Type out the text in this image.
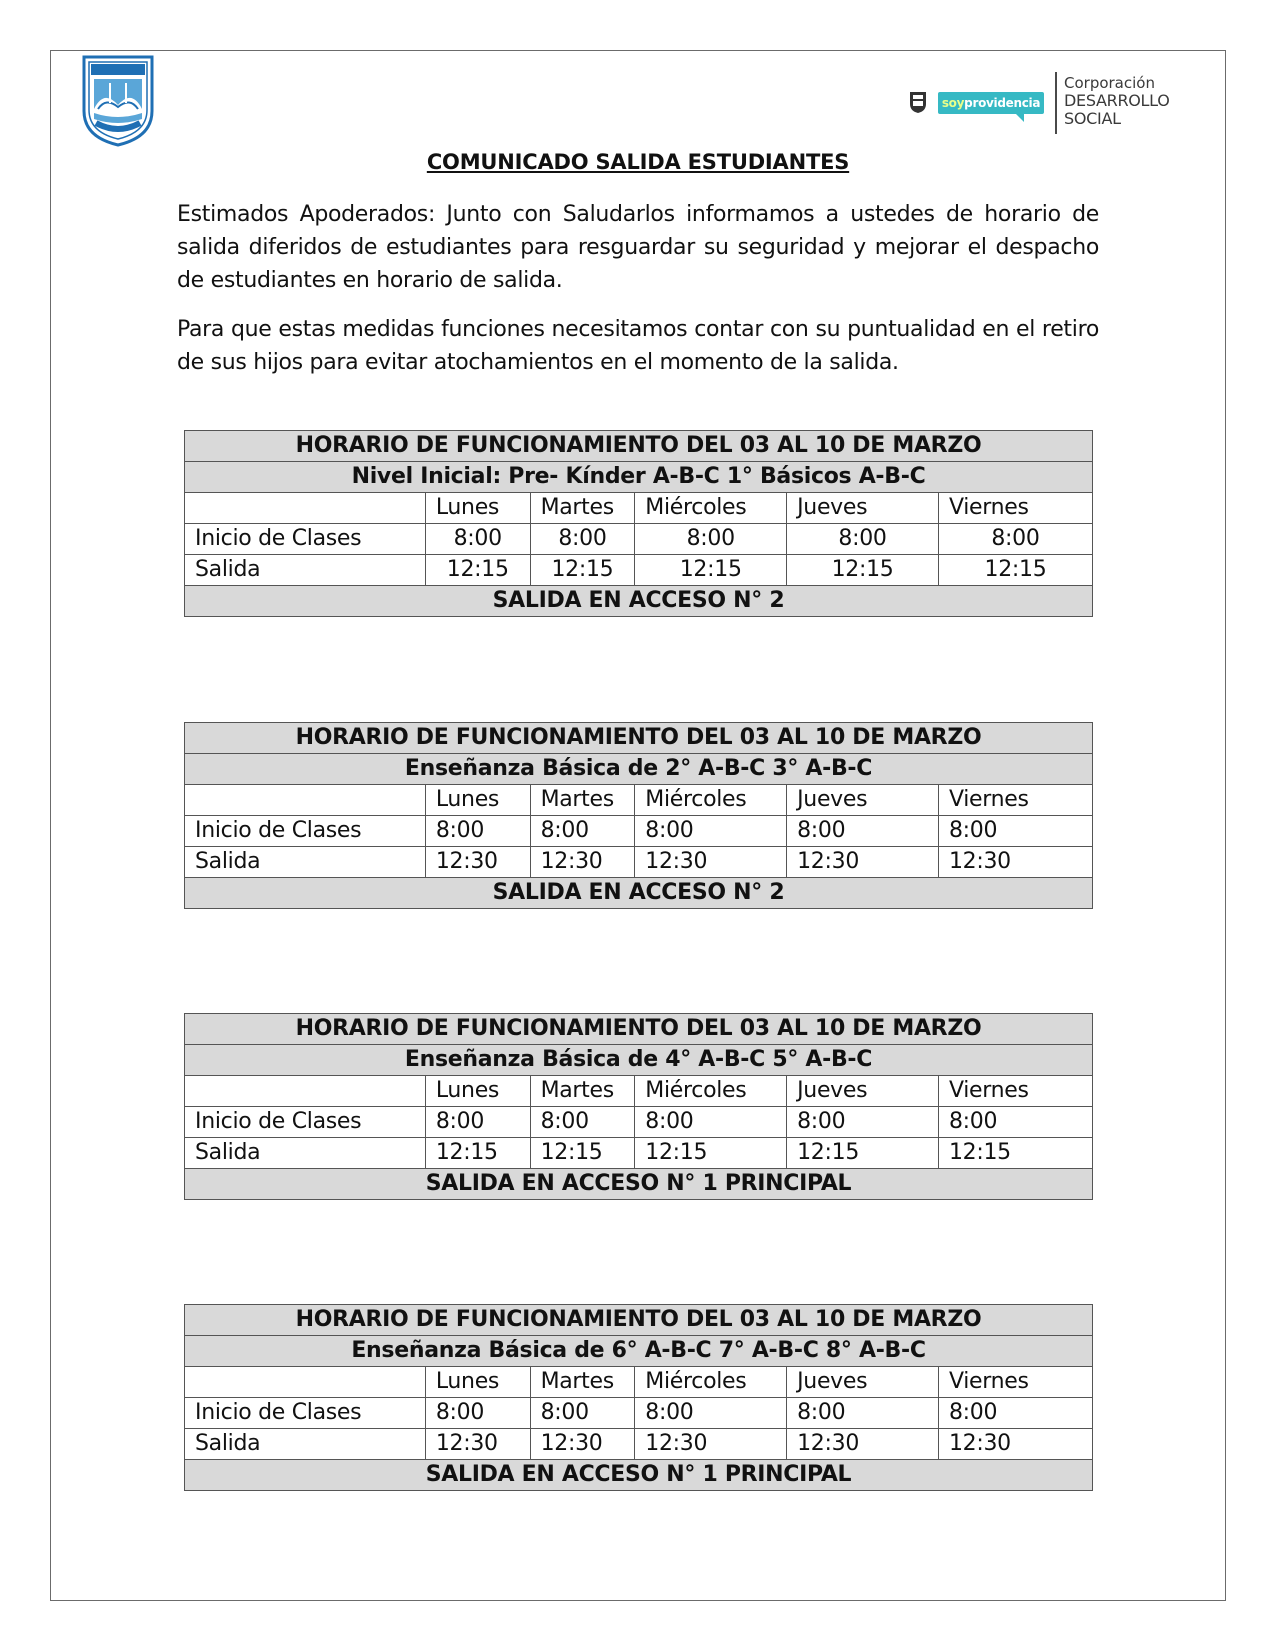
soyprovidencia
Corporación
DESARROLLO
SOCIAL
COMUNICADO SALIDA ESTUDIANTES
Estimados Apoderados: Junto con Saludarlos informamos a ustedes de horario de salida diferidos de estudiantes para resguardar su seguridad y mejorar el despacho de estudiantes en horario de salida.
Para que estas medidas funciones necesitamos contar con su puntualidad en el retiro de sus hijos para evitar atochamientos en el momento de la salida.
HORARIO DE FUNCIONAMIENTO DEL 03 AL 10 DE MARZO					
Nivel Inicial: Pre- Kínder A-B-C 1° Básicos A-B-C					
	Lunes	Martes	Miércoles	Jueves	Viernes
Inicio de Clases	8:00	8:00	8:00	8:00	8:00
Salida	12:15	12:15	12:15	12:15	12:15
SALIDA EN ACCESO N° 2					
HORARIO DE FUNCIONAMIENTO DEL 03 AL 10 DE MARZO					
Enseñanza Básica de 2° A-B-C 3° A-B-C					
	Lunes	Martes	Miércoles	Jueves	Viernes
Inicio de Clases	8:00	8:00	8:00	8:00	8:00
Salida	12:30	12:30	12:30	12:30	12:30
SALIDA EN ACCESO N° 2					
HORARIO DE FUNCIONAMIENTO DEL 03 AL 10 DE MARZO					
Enseñanza Básica de 4° A-B-C 5° A-B-C					
	Lunes	Martes	Miércoles	Jueves	Viernes
Inicio de Clases	8:00	8:00	8:00	8:00	8:00
Salida	12:15	12:15	12:15	12:15	12:15
SALIDA EN ACCESO N° 1 PRINCIPAL					
HORARIO DE FUNCIONAMIENTO DEL 03 AL 10 DE MARZO					
Enseñanza Básica de 6° A-B-C 7° A-B-C 8° A-B-C					
	Lunes	Martes	Miércoles	Jueves	Viernes
Inicio de Clases	8:00	8:00	8:00	8:00	8:00
Salida	12:30	12:30	12:30	12:30	12:30
SALIDA EN ACCESO N° 1 PRINCIPAL					
